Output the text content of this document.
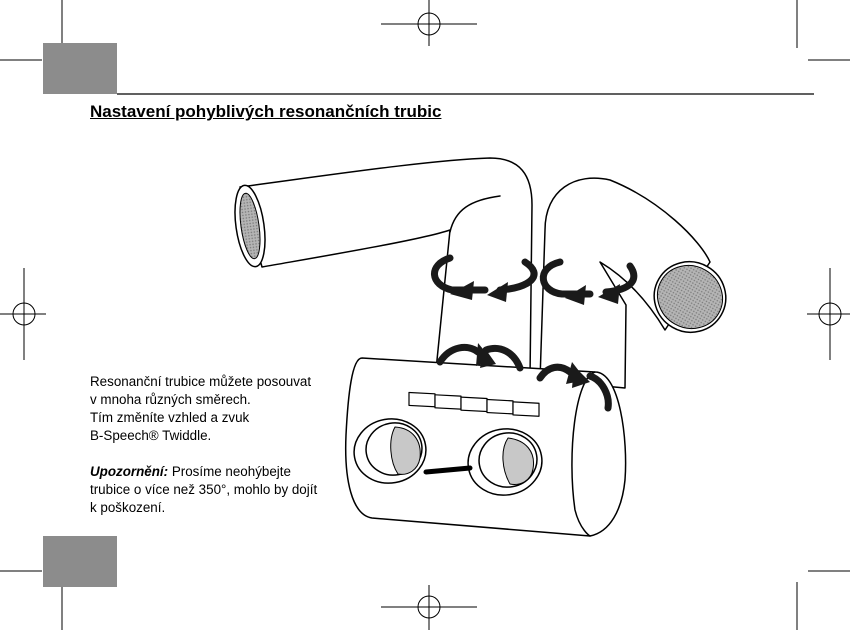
Nastavení pohyblivých resonančních trubic

Resonanční trubice můžete posouvat

v mnoha různých směrech.

Tím změníte vzhled a zvuk

B-Speech® Twiddle.

Upozornění: Prosíme neohýbejte

trubice o více než 350°, mohlo by dojít

k poškození.
